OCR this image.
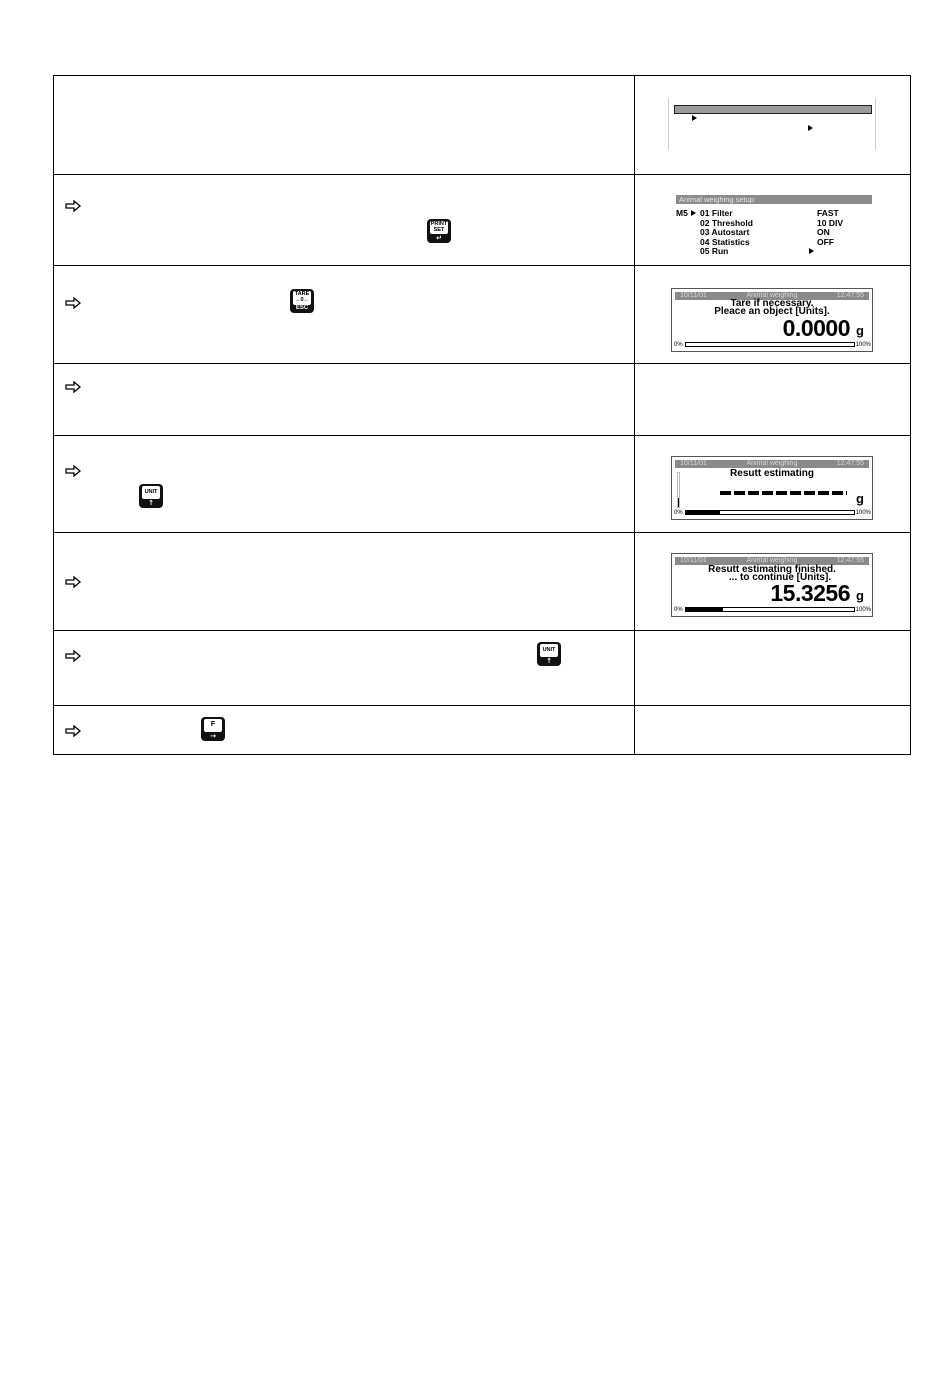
PRINT
SET
↵
Animal weighing setup
M5 01 Filter	FAST
02 Threshold	10 DIV
03 Autostart	ON
04 Statistics	OFF
05 Run
TARE
→0←
ESC
10/11/01	Animal weighing	12:47:55
Tare if necessary.
Pleace an object [Units].
0.0000 g
0%	100%
UNIT
↑
10/11/01	Animal weighing	12:47:55
Resutt estimating
g
0%	100%
10/11/01	Animal weighing	12:47:55
Resutt estimating finished.
... to continue [Units].
15.3256 g
0%	100%
UNIT
↑
F
→
